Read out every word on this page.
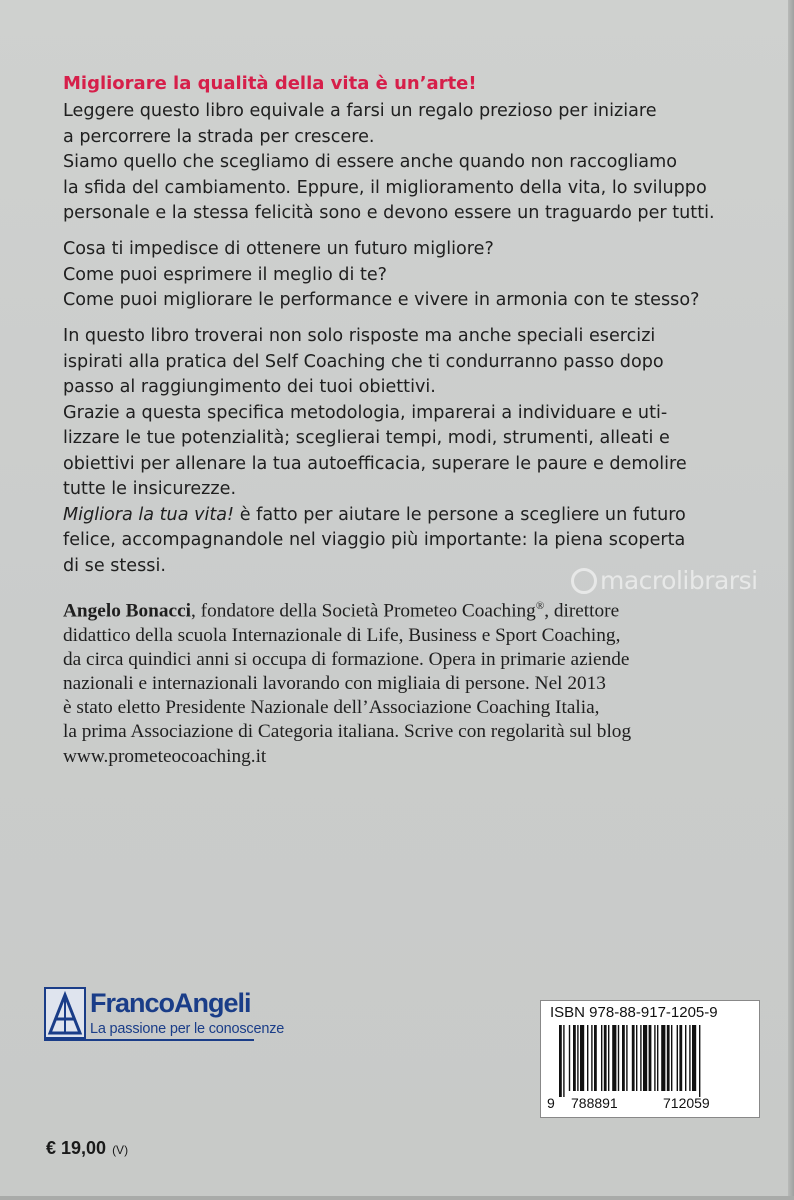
Migliorare la qualità della vita è un’arte!
Leggere questo libro equivale a farsi un regalo prezioso per iniziare
a percorrere la strada per crescere.
Siamo quello che scegliamo di essere anche quando non raccogliamo
la sfida del cambiamento. Eppure, il miglioramento della vita, lo sviluppo
personale e la stessa felicità sono e devono essere un traguardo per tutti.
Cosa ti impedisce di ottenere un futuro migliore?
Come puoi esprimere il meglio di te?
Come puoi migliorare le performance e vivere in armonia con te stesso?
In questo libro troverai non solo risposte ma anche speciali esercizi
ispirati alla pratica del Self Coaching che ti condurranno passo dopo
passo al raggiungimento dei tuoi obiettivi.
Grazie a questa specifica metodologia, imparerai a individuare e uti-
lizzare le tue potenzialità; sceglierai tempi, modi, strumenti, alleati e
obiettivi per allenare la tua autoefficacia, superare le paure e demolire
tutte le insicurezze.
Migliora la tua vita! è fatto per aiutare le persone a scegliere un futuro
felice, accompagnandole nel viaggio più importante: la piena scoperta
di se stessi.
macrolibrarsi
Angelo Bonacci, fondatore della Società Prometeo Coaching®, direttore
didattico della scuola Internazionale di Life, Business e Sport Coaching,
da circa quindici anni si occupa di formazione. Opera in primarie aziende
nazionali e internazionali lavorando con migliaia di persone. Nel 2013
è stato eletto Presidente Nazionale dell’Associazione Coaching Italia,
la prima Associazione di Categoria italiana. Scrive con regolarità sul blog
www.prometeocoaching.it
FrancoAngeli
La passione per le conoscenze
€ 19,00 (V)
ISBN 978-88-917-1205-9
9 788891	712059
